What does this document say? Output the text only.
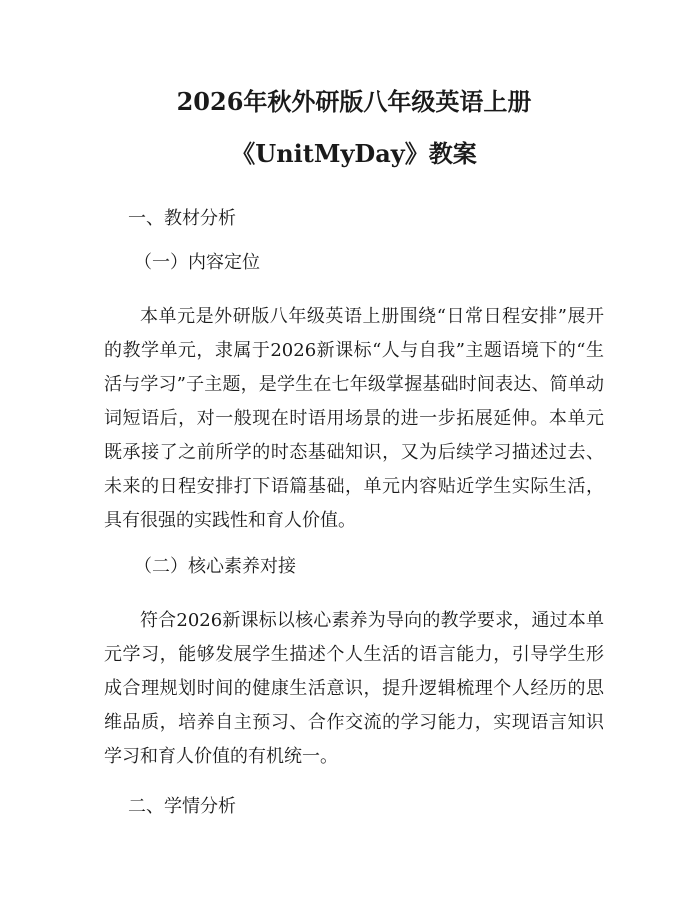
2026年秋外研版八年级英语上册
《UnitMyDay》教案
一、教材分析
（一）内容定位

本单元是外研版八年级英语上册围绕“日常日程安排”展开的教学单元，隶属于2026新课标“人与自我”主题语境下的“生活与学习”子主题，是学生在七年级掌握基础时间表达、简单动词短语后，对一般现在时语用场景的进一步拓展延伸。本单元既承接了之前所学的时态基础知识，又为后续学习描述过去、未来的日程安排打下语篇基础，单元内容贴近学生实际生活，具有很强的实践性和育人价值。

（二）核心素养对接

符合2026新课标以核心素养为导向的教学要求，通过本单元学习，能够发展学生描述个人生活的语言能力，引导学生形成合理规划时间的健康生活意识，提升逻辑梳理个人经历的思维品质，培养自主预习、合作交流的学习能力，实现语言知识学习和育人价值的有机统一。

二、学情分析
